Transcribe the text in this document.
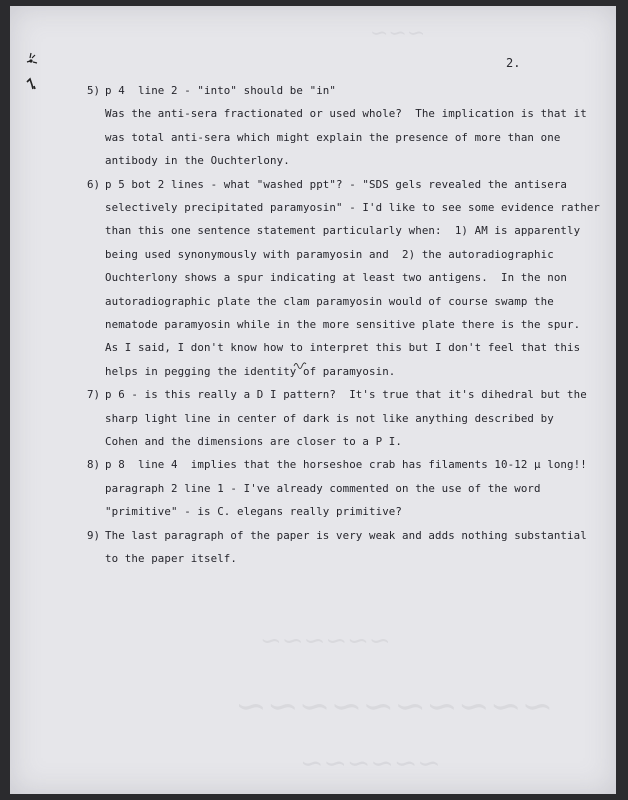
~~~
~~~~~~
~~~~~~~~~~
~~~~~~
2.
5) p 4  line 2 - "into" should be "in"
Was the anti-sera fractionated or used whole?  The implication is that it
was total anti-sera which might explain the presence of more than one
antibody in the Ouchterlony.
6) p 5 bot 2 lines - what "washed ppt"? - "SDS gels revealed the antisera
selectively precipitated paramyosin" - I'd like to see some evidence rather
than this one sentence statement particularly when:  1) AM is apparently
being used synonymously with paramyosin and  2) the autoradiographic
Ouchterlony shows a spur indicating at least two antigens.  In the non
autoradiographic plate the clam paramyosin would of course swamp the
nematode paramyosin while in the more sensitive plate there is the spur.
As I said, I don't know how to interpret this but I don't feel that this
helps in pegging the identity of paramyosin.
7) p 6 - is this really a D I pattern?  It's true that it's dihedral but the
sharp light line in center of dark is not like anything described by
Cohen and the dimensions are closer to a P I.
8) p 8  line 4  implies that the horseshoe crab has filaments 10-12 μ long!!
paragraph 2 line 1 - I've already commented on the use of the word
"primitive" - is C. elegans really primitive?
9) The last paragraph of the paper is very weak and adds nothing substantial
to the paper itself.
